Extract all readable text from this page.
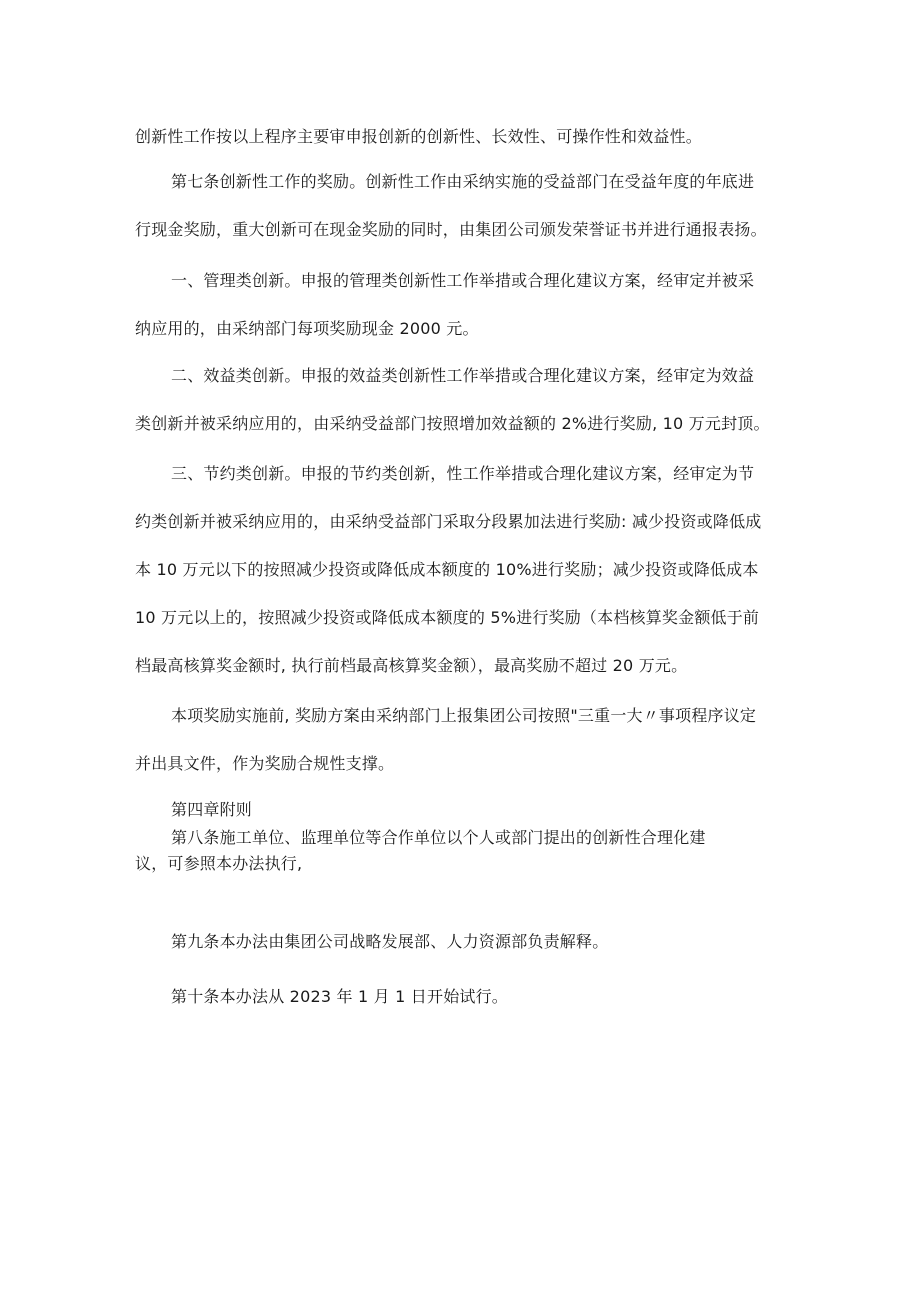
创新性工作按以上程序主要审申报创新的创新性、长效性、可操作性和效益性。

第七条创新性工作的奖励。创新性工作由采纳实施的受益部门在受益年度的年底进
行现金奖励，重大创新可在现金奖励的同时，由集团公司颁发荣誉证书并进行通报表扬。

一、管理类创新。申报的管理类创新性工作举措或合理化建议方案，经审定并被采
纳应用的，由采纳部门每项奖励现金 2000 元。

二、效益类创新。申报的效益类创新性工作举措或合理化建议方案，经审定为效益
类创新并被采纳应用的，由采纳受益部门按照增加效益额的 2%进行奖励, 10 万元封顶。

三、节约类创新。申报的节约类创新，性工作举措或合理化建议方案，经审定为节
约类创新并被采纳应用的，由采纳受益部门采取分段累加法进行奖励: 减少投资或降低成
本 10 万元以下的按照减少投资或降低成本额度的 10%进行奖励；减少投资或降低成本
10 万元以上的，按照减少投资或降低成本额度的 5%进行奖励（本档核算奖金额低于前
档最高核算奖金额时, 执行前档最高核算奖金额），最高奖励不超过 20 万元。

本项奖励实施前, 奖励方案由采纳部门上报集团公司按照"三重一大〃事项程序议定
并出具文件，作为奖励合规性支撑。

第四章附则

第八条施工单位、监理单位等合作单位以个人或部门提出的创新性合理化建

议，可参照本办法执行,

第九条本办法由集团公司战略发展部、人力资源部负责解释。

第十条本办法从 2023 年 1 月 1 日开始试行。
